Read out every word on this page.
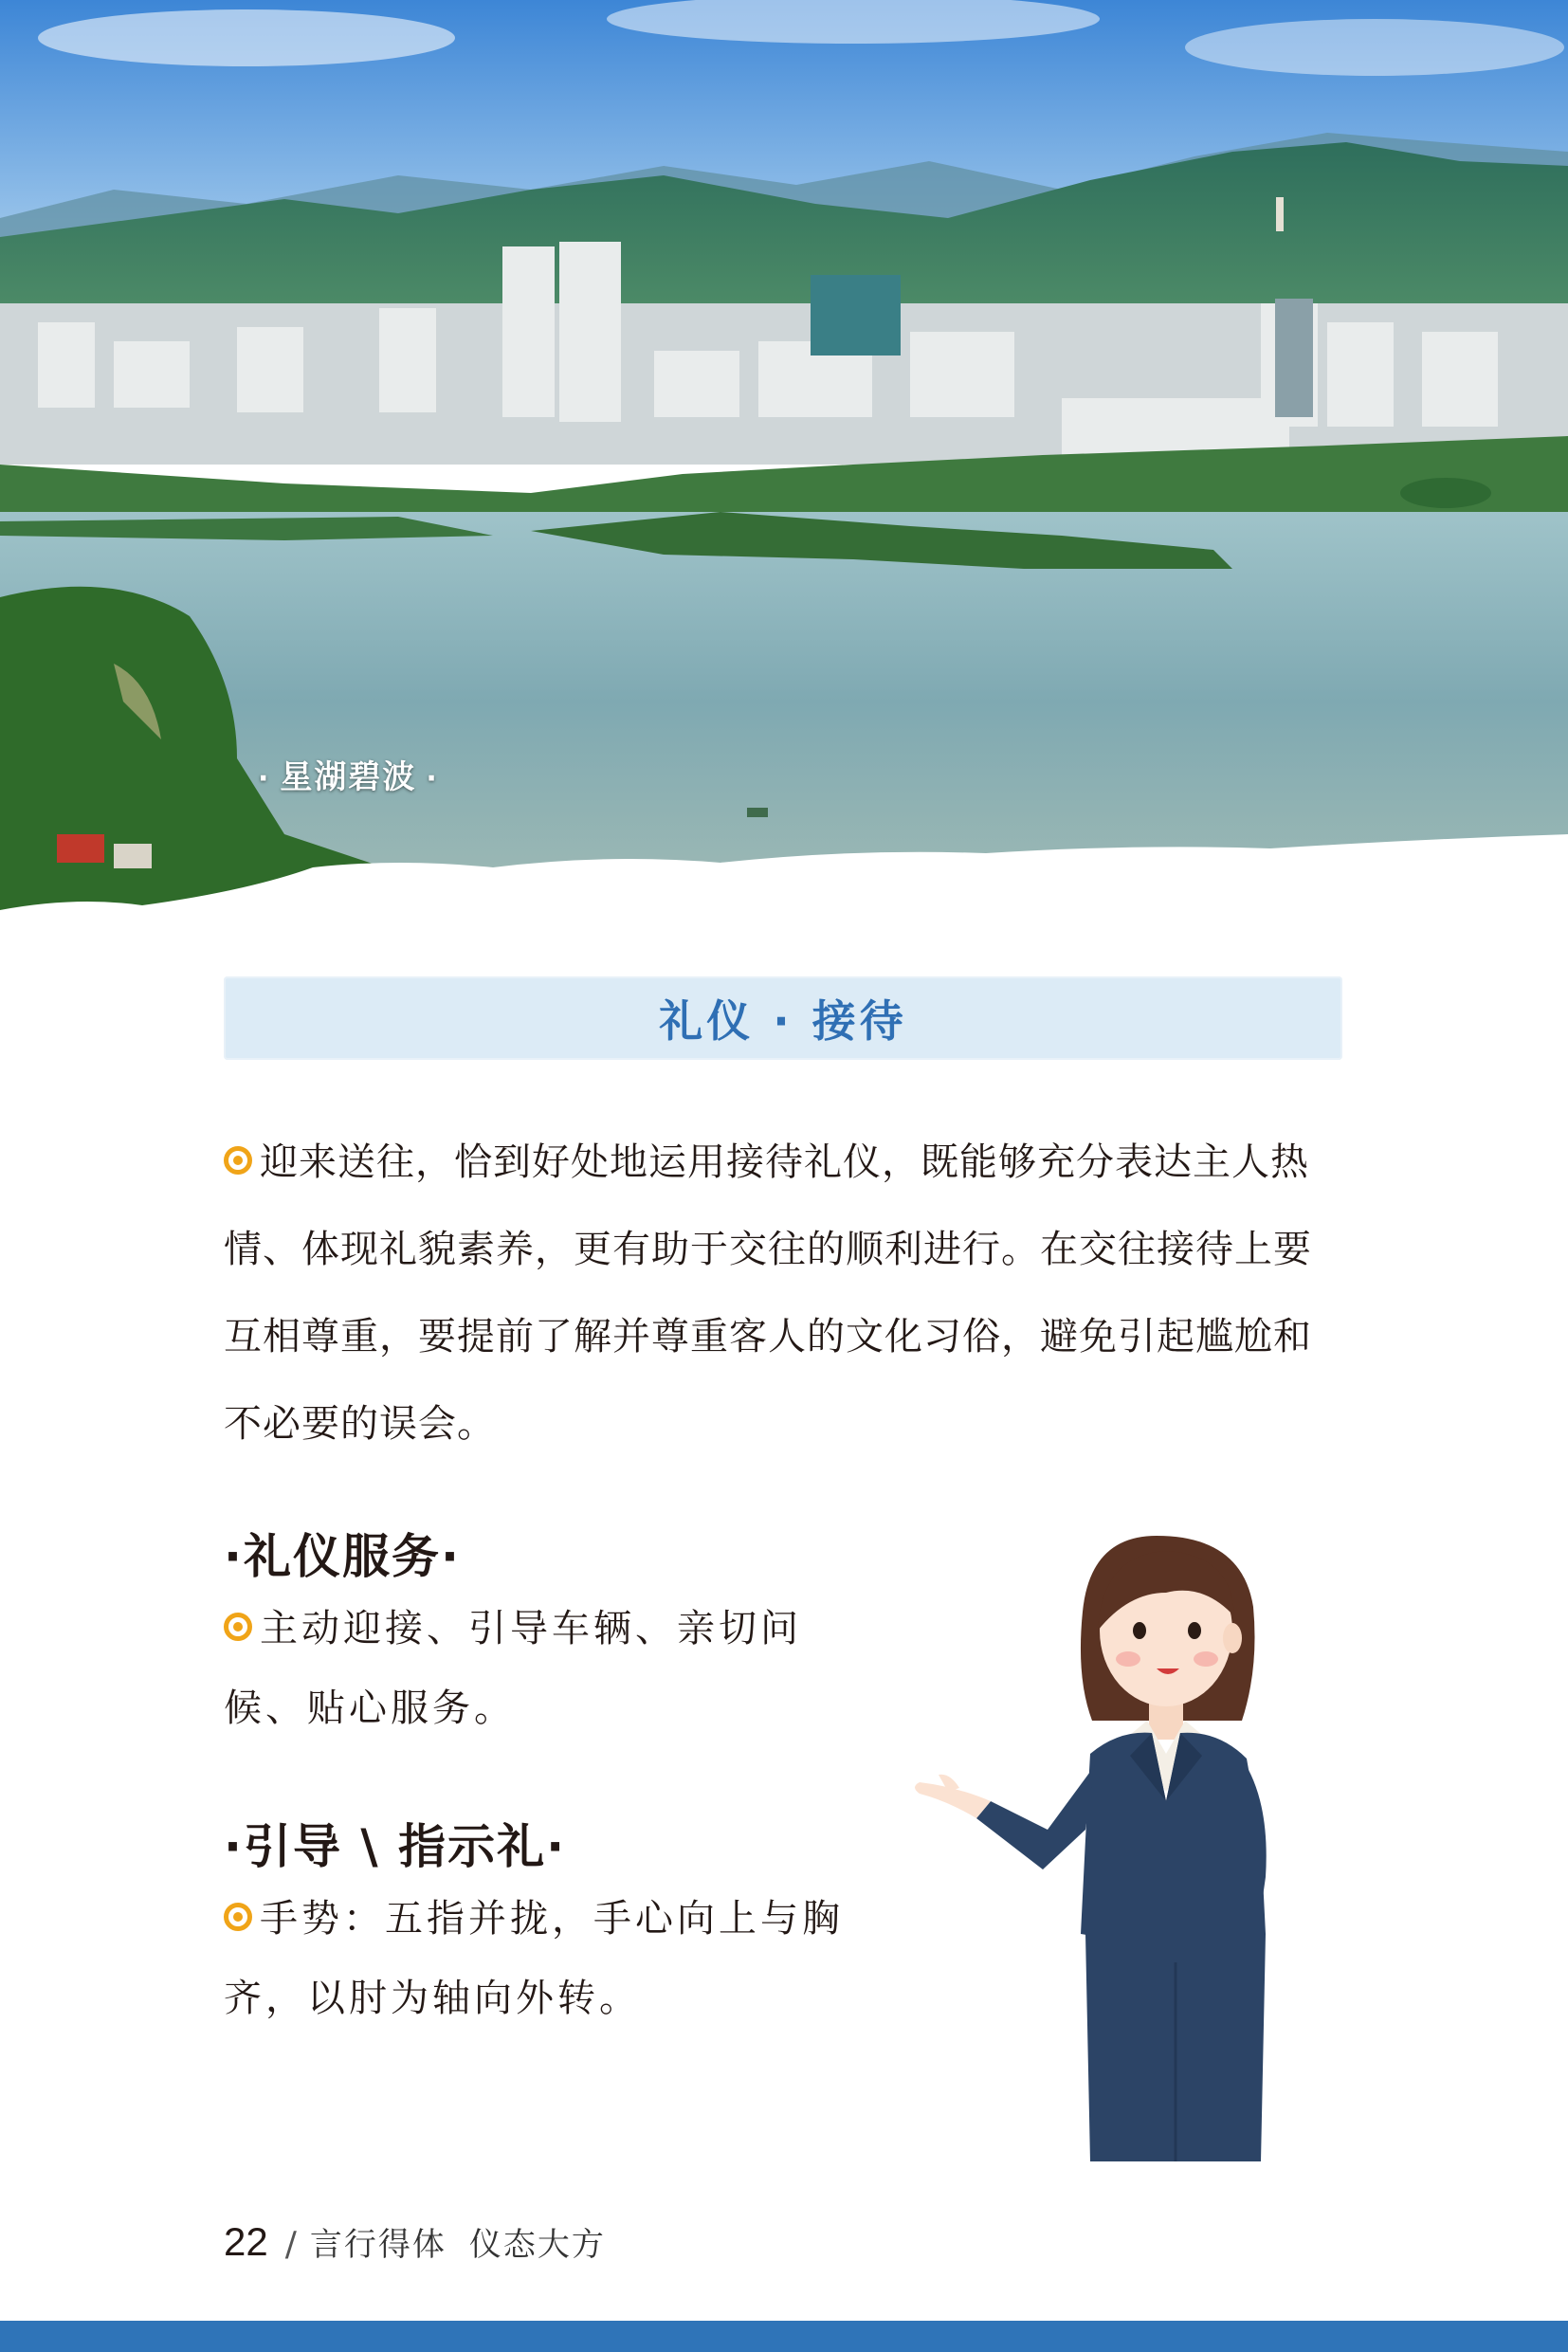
· 星湖碧波 ·
礼仪 · 接待

迎来送往，恰到好处地运用接待礼仪，既能够充分表达主人热情、体现礼貌素养，更有助于交往的顺利进行。在交往接待上要互相尊重，要提前了解并尊重客人的文化习俗，避免引起尴尬和不必要的误会。

·礼仪服务·

主动迎接、引导车辆、亲切问候、贴心服务。

·引导 \ 指示礼·

手势：五指并拢，手心向上与胸齐，以肘为轴向外转。

22 / 言行得体 仪态大方
